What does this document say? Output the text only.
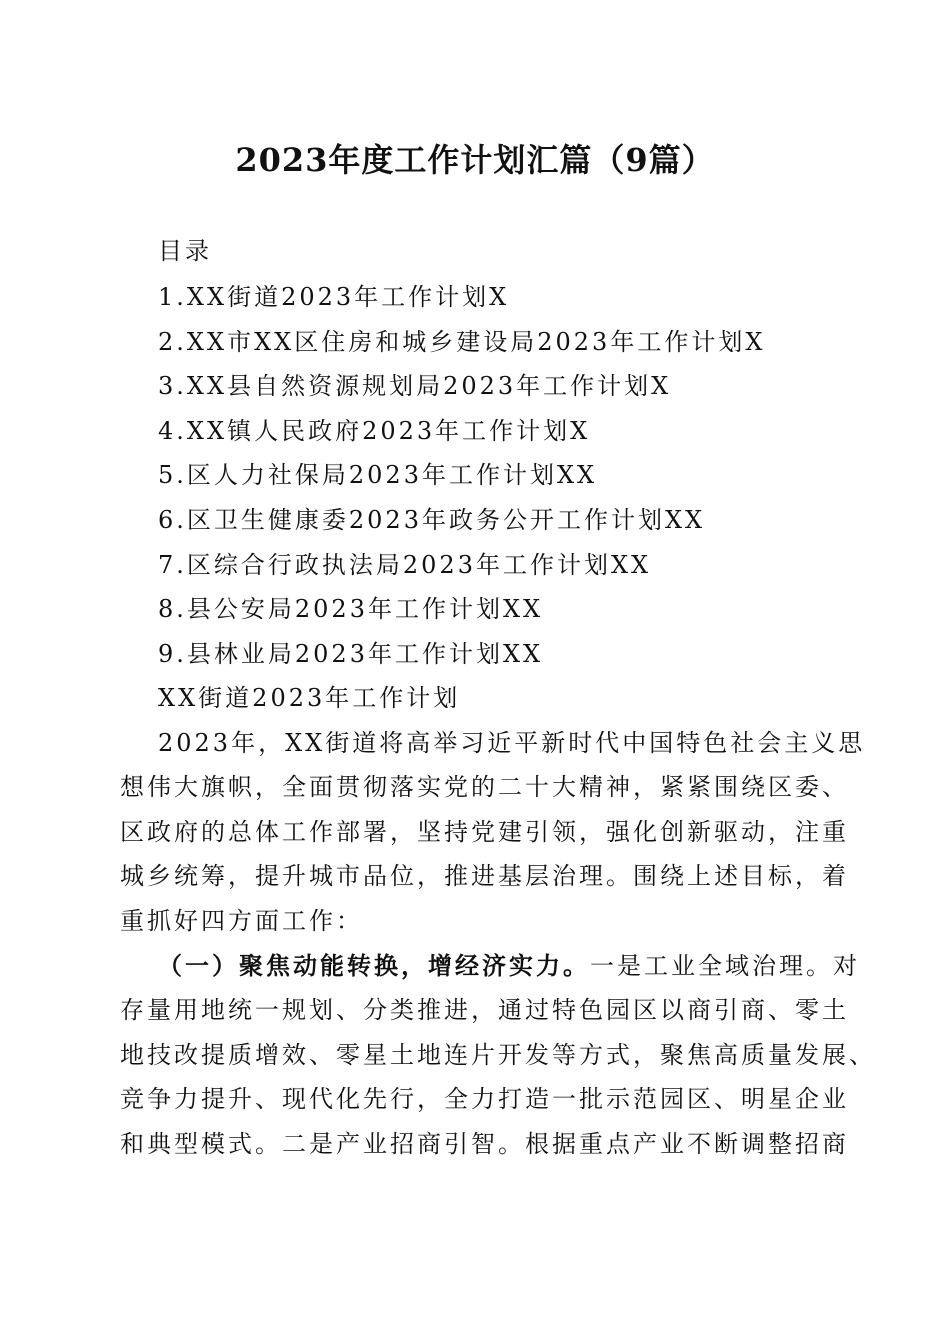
2023年度工作计划汇篇（9篇）
目录
1.XX街道2023年工作计划X
2.XX市XX区住房和城乡建设局2023年工作计划X
3.XX县自然资源规划局2023年工作计划X
4.XX镇人民政府2023年工作计划X
5.区人力社保局2023年工作计划XX
6.区卫生健康委2023年政务公开工作计划XX
7.区综合行政执法局2023年工作计划XX
8.县公安局2023年工作计划XX
9.县林业局2023年工作计划XX
XX街道2023年工作计划
2023年，XX街道将高举习近平新时代中国特色社会主义思
想伟大旗帜，全面贯彻落实党的二十大精神，紧紧围绕区委、
区政府的总体工作部署，坚持党建引领，强化创新驱动，注重
城乡统筹，提升城市品位，推进基层治理。围绕上述目标，着
重抓好四方面工作：
（一）聚焦动能转换，增经济实力。一是工业全域治理。对
存量用地统一规划、分类推进，通过特色园区以商引商、零土
地技改提质增效、零星土地连片开发等方式，聚焦高质量发展、
竞争力提升、现代化先行，全力打造一批示范园区、明星企业
和典型模式。二是产业招商引智。根据重点产业不断调整招商
